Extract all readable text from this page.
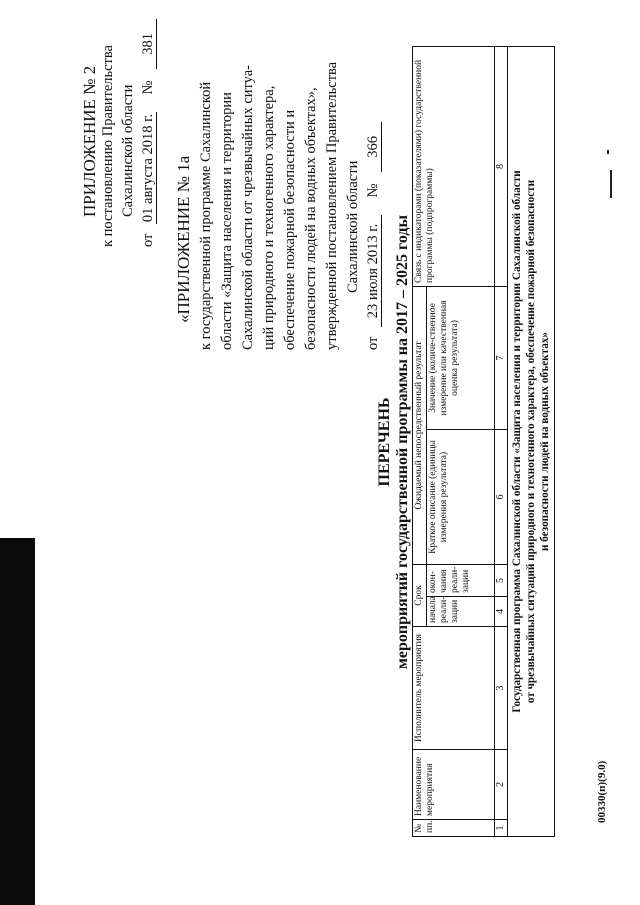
ПРИЛОЖЕНИЕ № 2 к постановлению Правительства Сахалинской области
от 01 августа 2018 г. № 381
«ПРИЛОЖЕНИЕ № 1а к государственной программе Сахалинской области «Защита населения и территории Сахалинской области от чрезвычайных ситуа- ций природного и техногенного характера, обеспечение пожарной безопасности и безопасности людей на водных объектах», утвержденной постановлением Правительства Сахалинской области
от 23 июля 2013 г. № 366
ПЕРЕЧЕНЬ мероприятий государственной программы на 2017 – 2025 годы
№ пп.	Наименование мероприятия	Исполнитель мероприятия	Срок		Ожидаемый непосредственный результат		Связь с индикаторами (показателями) государственной программы (подпрограммы)
			начала реали-зации	окон-чания реали-зации	Краткое описание (единицы измерения результата)	Значение (количе-ственное измерение или качественная оценка результата)	
1	2	3	4	5	6	7	8

Государственная программа Сахалинской области «Защита населения и территории Сахалинской области от чрезвычайных ситуаций природного и техногенного характера, обеспечение пожарной безопасности и безопасности людей на водных объектах»							
00330(п)(9.0)
